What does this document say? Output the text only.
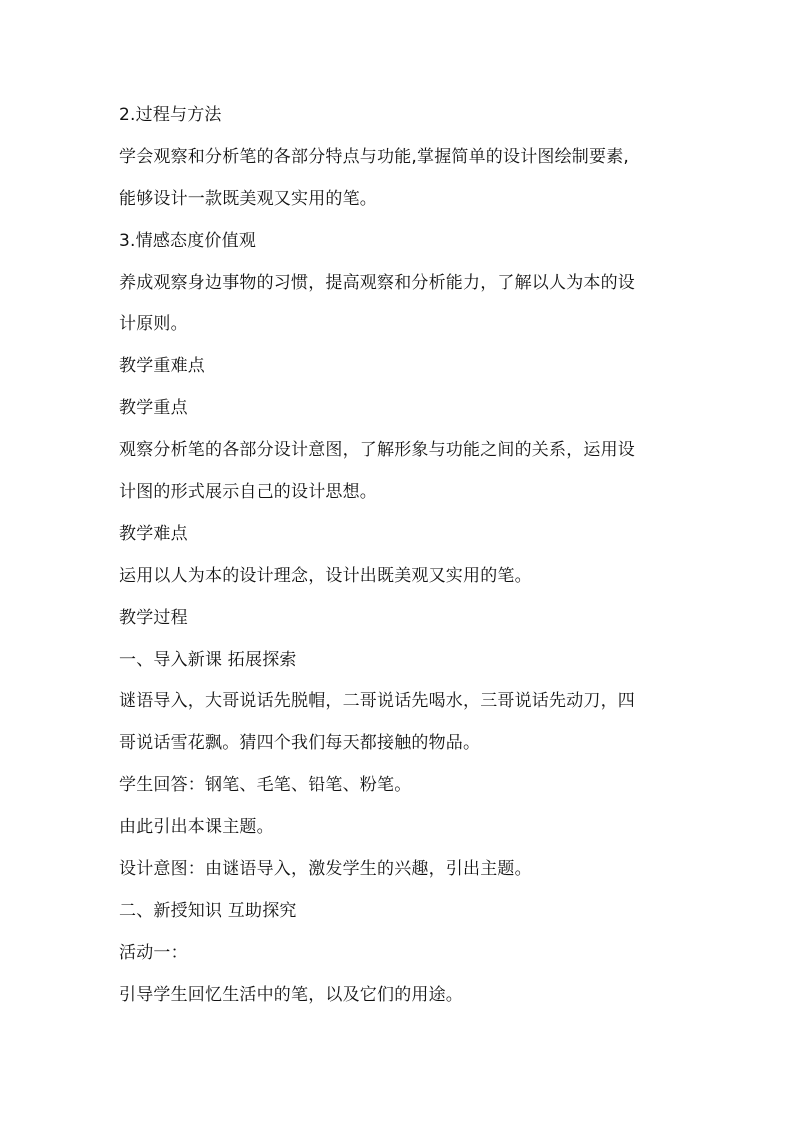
2.过程与方法
学会观察和分析笔的各部分特点与功能,掌握简单的设计图绘制要素,
能够设计一款既美观又实用的笔。
3.情感态度价值观
养成观察身边事物的习惯，提高观察和分析能力，了解以人为本的设
计原则。
教学重难点
教学重点
观察分析笔的各部分设计意图，了解形象与功能之间的关系，运用设
计图的形式展示自己的设计思想。
教学难点
运用以人为本的设计理念，设计出既美观又实用的笔。
教学过程
一、导入新课 拓展探索
谜语导入，大哥说话先脱帽，二哥说话先喝水，三哥说话先动刀，四
哥说话雪花飘。猜四个我们每天都接触的物品。
学生回答：钢笔、毛笔、铅笔、粉笔。
由此引出本课主题。
设计意图：由谜语导入，激发学生的兴趣，引出主题。
二、新授知识 互助探究
活动一：
引导学生回忆生活中的笔，以及它们的用途。
